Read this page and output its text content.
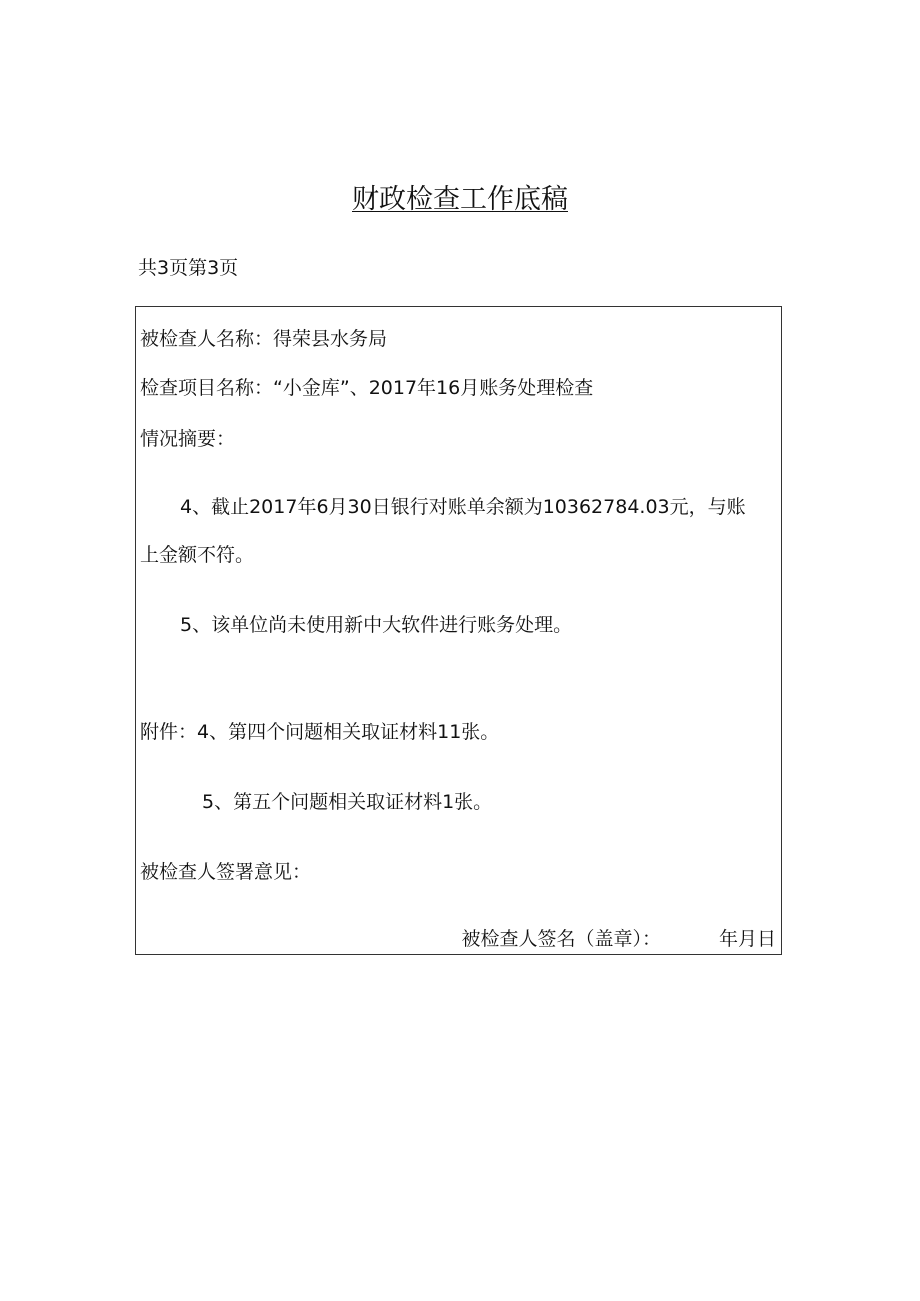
财政检查工作底稿
共3页第3页
被检查人名称：得荣县水务局
检查项目名称：“小金库”、2017年16月账务处理检查
情况摘要：
4、截止2017年6月30日银行对账单余额为10362784.03元，与账
上金额不符。
5、该单位尚未使用新中大软件进行账务处理。
附件：4、第四个问题相关取证材料11张。
5、第五个问题相关取证材料1张。
被检查人签署意见：
被检查人签名（盖章）：	年月日
